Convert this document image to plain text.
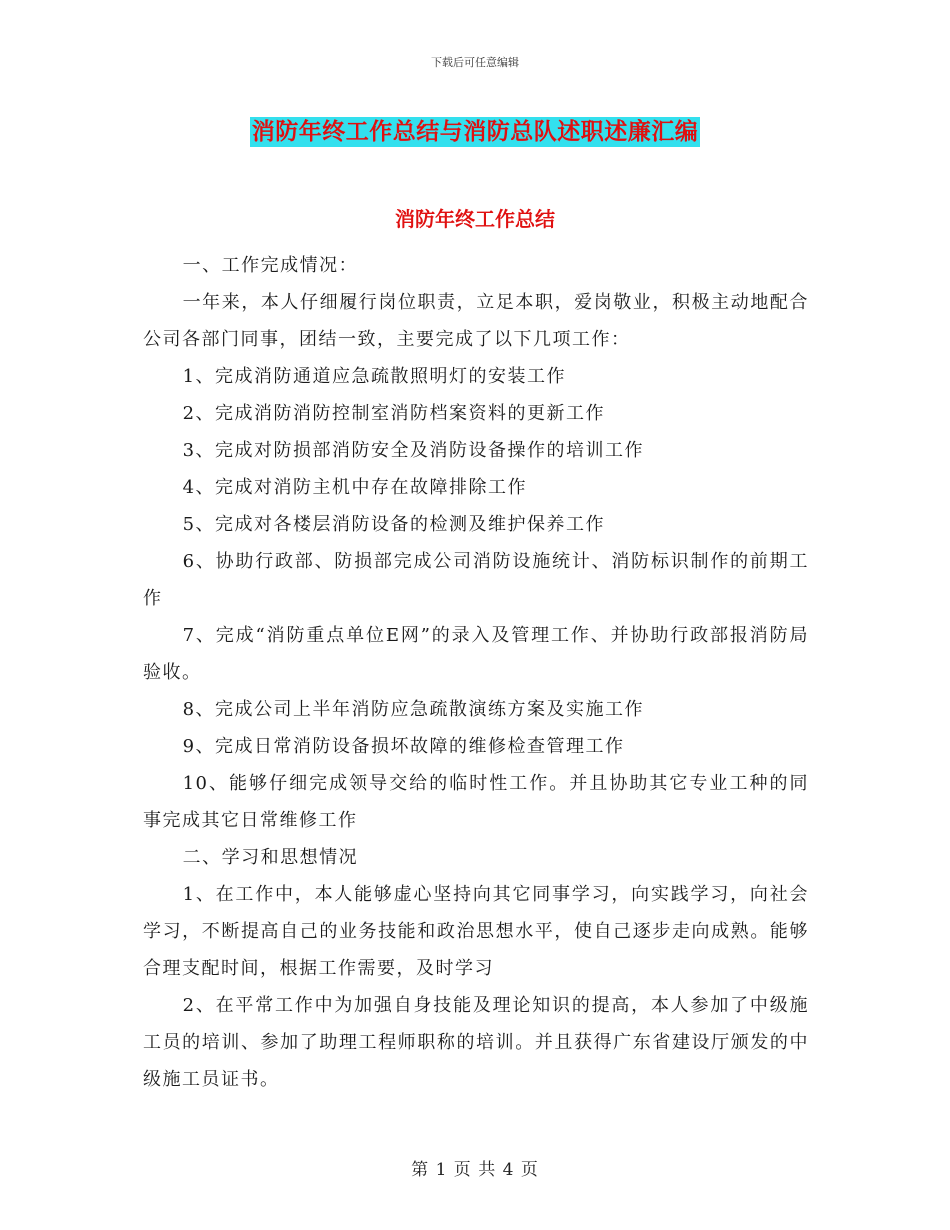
下载后可任意编辑
消防年终工作总结与消防总队述职述廉汇编
消防年终工作总结

一、工作完成情况：

一年来，本人仔细履行岗位职责，立足本职，爱岗敬业，积极主动地配合公司各部门同事，团结一致，主要完成了以下几项工作：

1、完成消防通道应急疏散照明灯的安装工作

2、完成消防消防控制室消防档案资料的更新工作

3、完成对防损部消防安全及消防设备操作的培训工作

4、完成对消防主机中存在故障排除工作

5、完成对各楼层消防设备的检测及维护保养工作

6、协助行政部、防损部完成公司消防设施统计、消防标识制作的前期工作

7、完成“消防重点单位E网”的录入及管理工作、并协助行政部报消防局验收。

8、完成公司上半年消防应急疏散演练方案及实施工作

9、完成日常消防设备损坏故障的维修检查管理工作

10、能够仔细完成领导交给的临时性工作。并且协助其它专业工种的同事完成其它日常维修工作

二、学习和思想情况

1、在工作中，本人能够虚心坚持向其它同事学习，向实践学习，向社会学习，不断提高自己的业务技能和政治思想水平，使自己逐步走向成熟。能够合理支配时间，根据工作需要，及时学习

2、在平常工作中为加强自身技能及理论知识的提高，本人参加了中级施工员的培训、参加了助理工程师职称的培训。并且获得广东省建设厅颁发的中级施工员证书。

第 1 页 共 4 页
